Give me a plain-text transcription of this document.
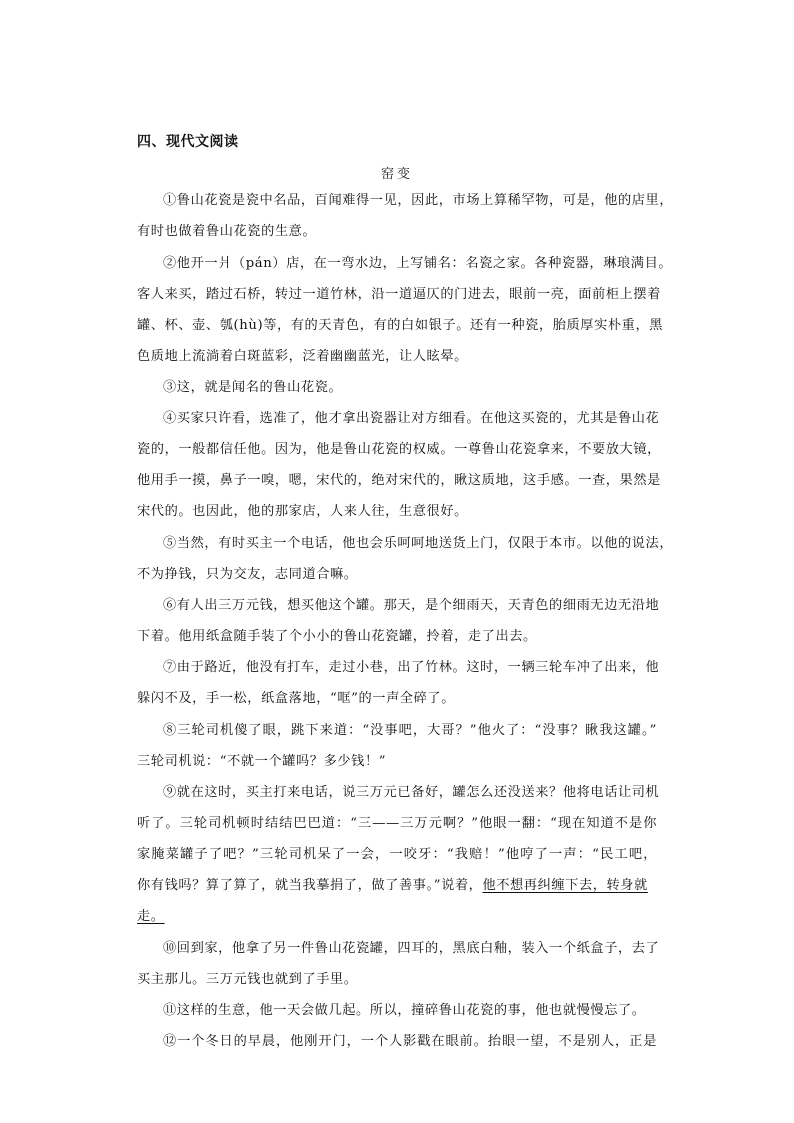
四、现代文阅读
窑变
①鲁山花瓷是瓷中名品，百闻难得一见，因此，市场上算稀罕物，可是，他的店里，
有时也做着鲁山花瓷的生意。
②他开一爿（pán）店，在一弯水边，上写铺名：名瓷之家。各种瓷器，琳琅满目。
客人来买，踏过石桥，转过一道竹林，沿一道逼仄的门进去，眼前一亮，面前柜上摆着
罐、杯、壶、瓠(hù)等，有的天青色，有的白如银子。还有一种瓷，胎质厚实朴重，黑
色质地上流淌着白斑蓝彩，泛着幽幽蓝光，让人眩晕。
③这，就是闻名的鲁山花瓷。
④买家只许看，选准了，他才拿出瓷器让对方细看。在他这买瓷的，尤其是鲁山花
瓷的，一般都信任他。因为，他是鲁山花瓷的权威。一尊鲁山花瓷拿来，不要放大镜，
他用手一摸，鼻子一嗅，嗯，宋代的，绝对宋代的，瞅这质地，这手感。一查，果然是
宋代的。也因此，他的那家店，人来人往，生意很好。
⑤当然，有时买主一个电话，他也会乐呵呵地送货上门，仅限于本市。以他的说法，
不为挣钱，只为交友，志同道合嘛。
⑥有人出三万元钱，想买他这个罐。那天，是个细雨天，天青色的细雨无边无沿地
下着。他用纸盒随手装了个小小的鲁山花瓷罐，拎着，走了出去。
⑦由于路近，他没有打车，走过小巷，出了竹林。这时，一辆三轮车冲了出来，他
躲闪不及，手一松，纸盒落地，“哐”的一声全碎了。
⑧三轮司机傻了眼，跳下来道：“没事吧，大哥？”他火了：“没事？瞅我这罐。”
三轮司机说：“不就一个罐吗？多少钱！”
⑨就在这时，买主打来电话，说三万元已备好，罐怎么还没送来？他将电话让司机
听了。三轮司机顿时结结巴巴道：“三——三万元啊？”他眼一翻：“现在知道不是你
家腌菜罐子了吧？”三轮司机呆了一会，一咬牙：“我赔！”他哼了一声：“民工吧，
你有钱吗？算了算了，就当我摹捐了，做了善事。”说着，他不想再纠缠下去，转身就
走。
⑩回到家，他拿了另一件鲁山花瓷罐，四耳的，黑底白釉，装入一个纸盒子，去了
买主那儿。三万元钱也就到了手里。
⑪这样的生意，他一天会做几起。所以，撞碎鲁山花瓷的事，他也就慢慢忘了。
⑫一个冬日的早晨，他刚开门，一个人影戳在眼前。抬眼一望，不是别人，正是
